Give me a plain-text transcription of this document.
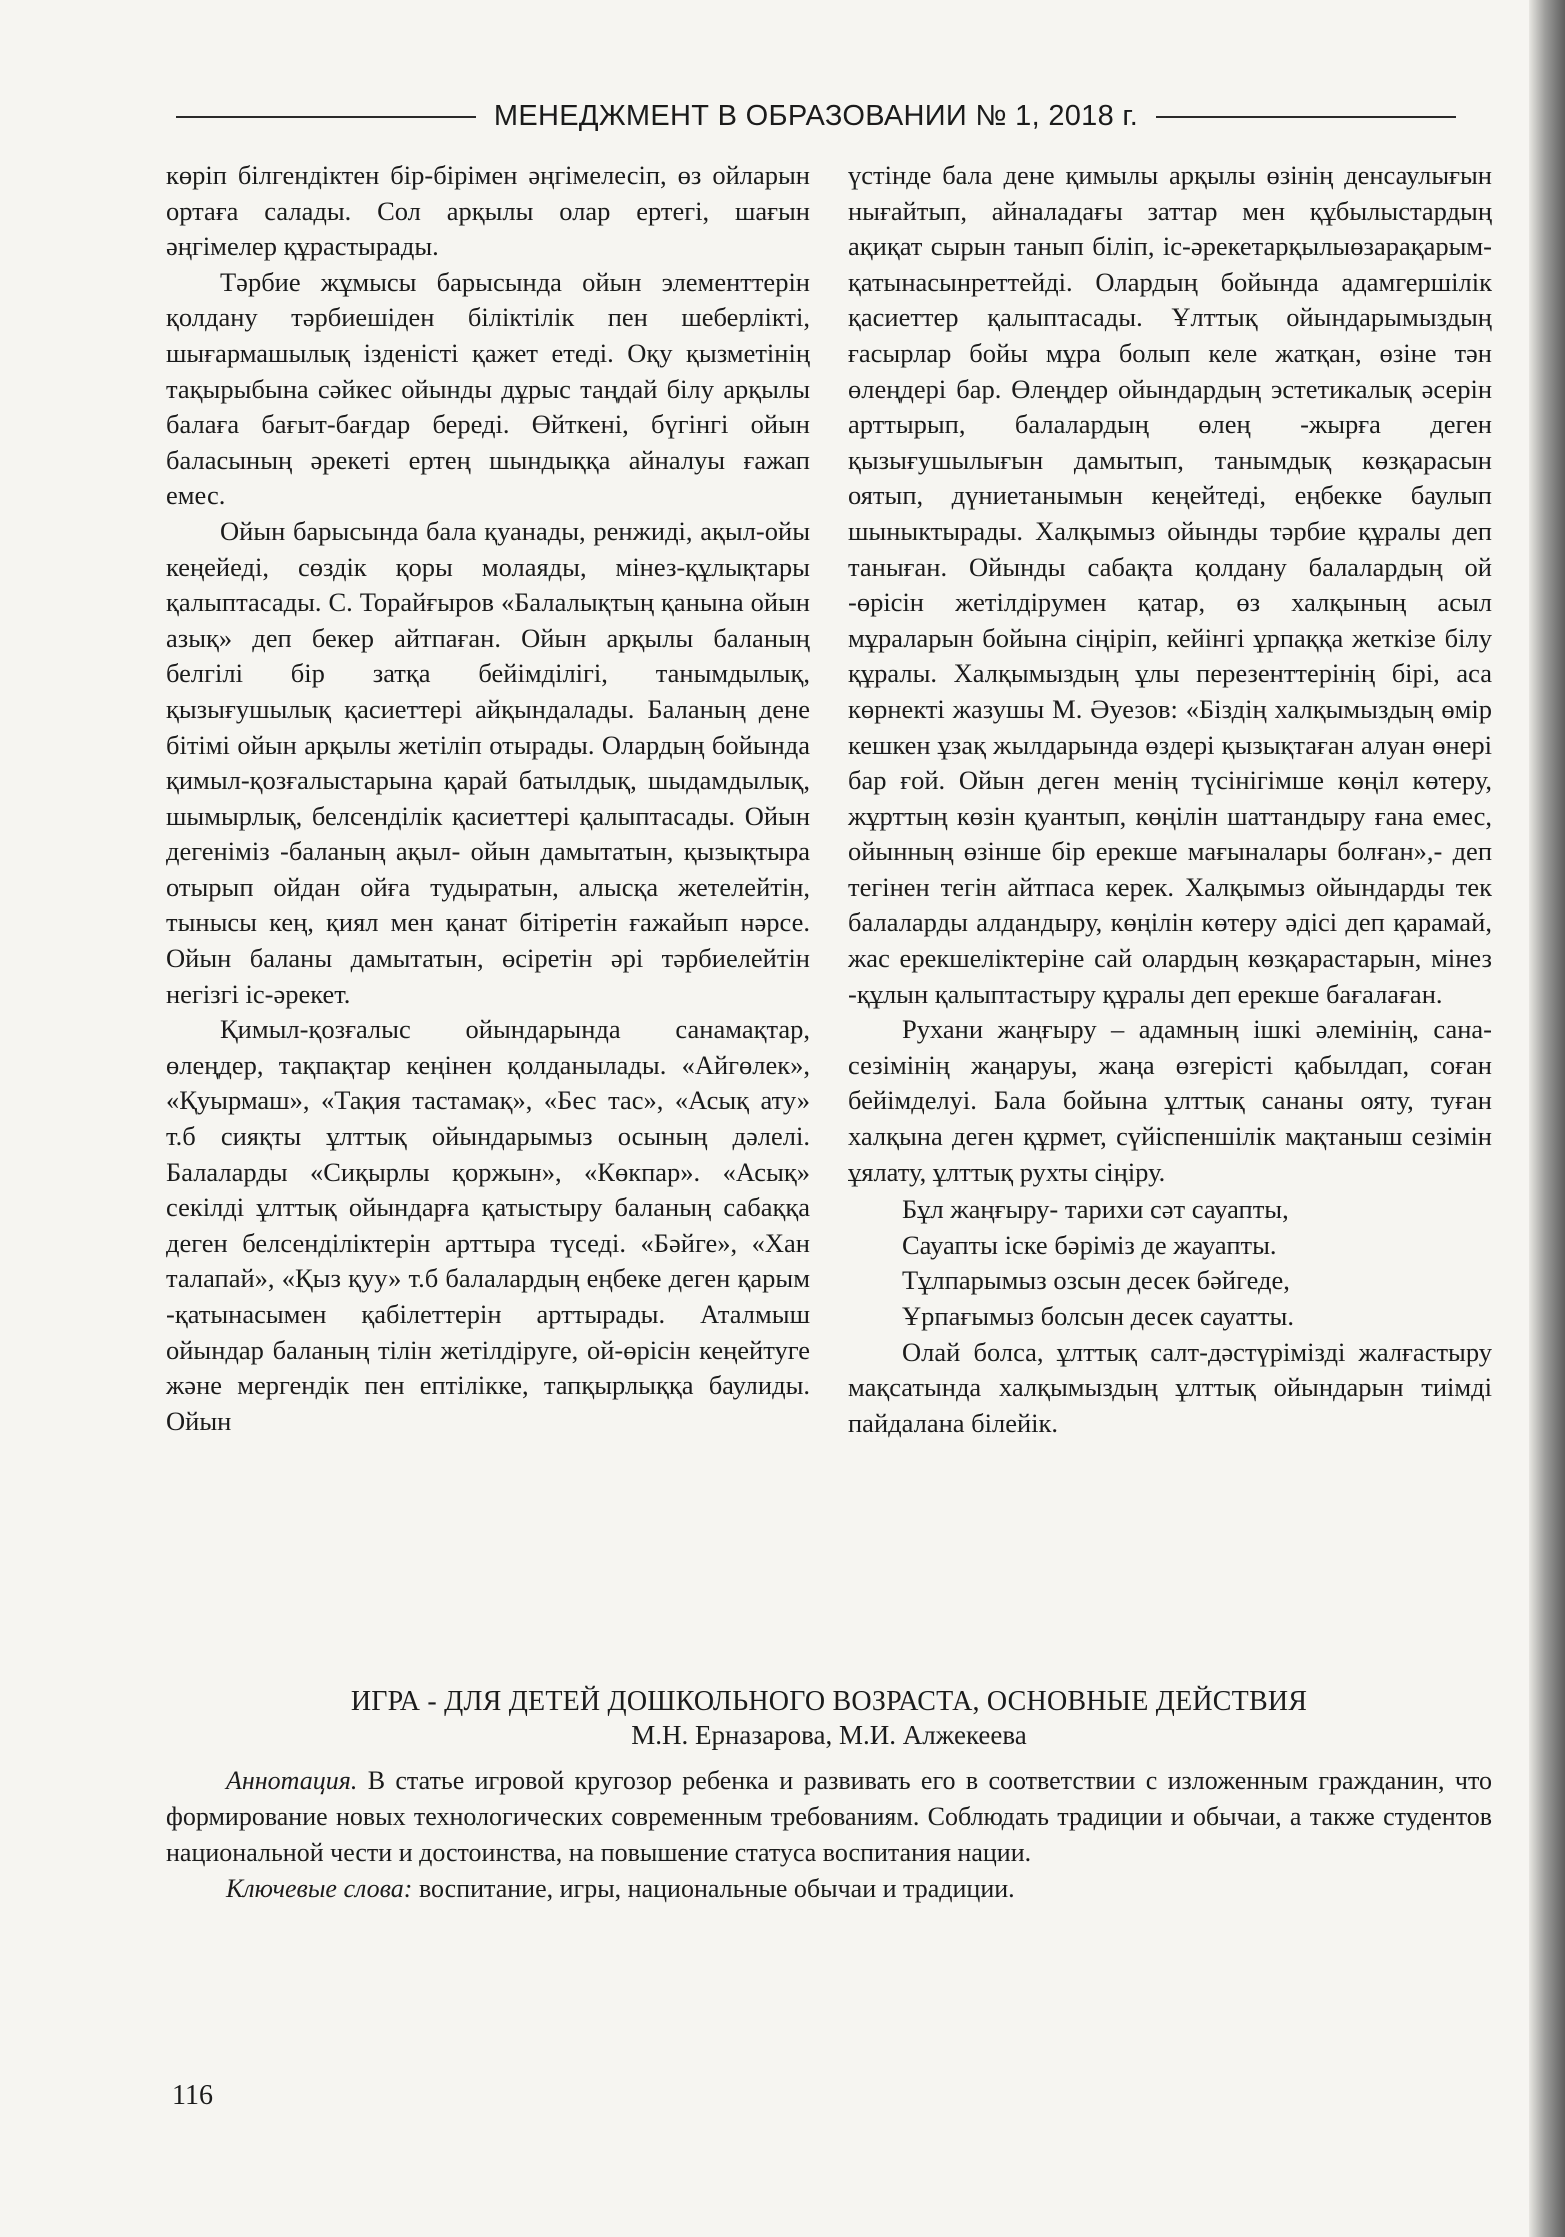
МЕНЕДЖМЕНТ В ОБРАЗОВАНИИ № 1, 2018 г.

көріп білгендіктен бір-бірімен әңгімелесіп, өз ойларын ортаға салады. Сол арқылы олар ертегі, шағын әңгімелер құрастырады.

Тәрбие жұмысы барысында ойын элементтерін қолдану тәрбиешіден біліктілік пен шеберлікті, шығармашылық ізденісті қажет етеді. Оқу қызметінің тақырыбына сәйкес ойынды дұрыс таңдай білу арқылы балаға бағыт-бағдар береді. Өйткені, бүгінгі ойын баласының әрекеті ертең шындыққа айналуы ғажап емес.

Ойын барысында бала қуанады, ренжиді, ақыл-ойы кеңейеді, сөздік қоры молаяды, мінез-құлықтары қалыптасады. С. Торайғыров «Балалықтың қанына ойын азық» деп бекер айтпаған. Ойын арқылы баланың белгілі бір затқа бейімділігі, танымдылық, қызығушылық қасиеттері айқындалады. Баланың дене бітімі ойын арқылы жетіліп отырады. Олардың бойында қимыл-қозғалыстарына қарай батылдық, шыдамдылық, шымырлық, белсенділік қасиеттері қалыптасады. Ойын дегеніміз -баланың ақыл- ойын дамытатын, қызықтыра отырып ойдан ойға тудыратын, алысқа жетелейтін, тынысы кең, қиял мен қанат бітіретін ғажайып нәрсе. Ойын баланы дамытатын, өсіретін әрі тәрбиелейтін негізгі іс-әрекет.

Қимыл-қозғалыс ойындарында санамақтар, өлеңдер, тақпақтар кеңінен қолданылады. «Айгөлек», «Қуырмаш», «Тақия тастамақ», «Бес тас», «Асық ату» т.б сияқты ұлттық ойындарымыз осының дәлелі. Балаларды «Сиқырлы қоржын», «Көкпар». «Асық» секілді ұлттық ойындарға қатыстыру баланың сабаққа деген белсенділіктерін арттыра түседі. «Бәйге», «Хан талапай», «Қыз қуу» т.б балалардың еңбеке деген қарым -қатынасымен қабілеттерін арттырады. Аталмыш ойындар баланың тілін жетілдіруге, ой-өрісін кеңейтуге және мергендік пен ептілікке, тапқырлыққа баулиды. Ойын

үстінде бала дене қимылы арқылы өзінің денсаулығын нығайтып, айналадағы заттар мен құбылыстардың ақиқат сырын танып біліп, іс-әрекетарқылыөзарақарым-қатынасынреттейді. Олардың бойында адамгершілік қасиеттер қалыптасады. Ұлттық ойындарымыздың ғасырлар бойы мұра болып келе жатқан, өзіне тән өлеңдері бар. Өлеңдер ойындардың эстетикалық әсерін арттырып, балалардың өлең -жырға деген қызығушылығын дамытып, танымдық көзқарасын оятып, дүниетанымын кеңейтеді, еңбекке баулып шыныктырады. Халқымыз ойынды тәрбие құралы деп таныған. Ойынды сабақта қолдану балалардың ой -өрісін жетілдірумен қатар, өз халқының асыл мұраларын бойына сіңіріп, кейінгі ұрпаққа жеткізе білу құралы. Халқымыздың ұлы перезенттерінің бірі, аса көрнекті жазушы М. Әуезов: «Біздің халқымыздың өмір кешкен ұзақ жылдарында өздері қызықтаған алуан өнері бар ғой. Ойын деген менің түсінігімше көңіл көтеру, жұрттың көзін қуантып, көңілін шаттандыру ғана емес, ойынның өзінше бір ерекше мағыналары болған»,- деп тегінен тегін айтпаса керек. Халқымыз ойындарды тек балаларды алдандыру, көңілін көтеру әдісі деп қарамай, жас ерекшеліктеріне сай олардың көзқарастарын, мінез -құлын қалыптастыру құралы деп ерекше бағалаған.

Рухани жаңғыру – адамның ішкі әлемінің, сана- сезімінің жаңаруы, жаңа өзгерісті қабылдап, соған бейімделуі. Бала бойына ұлттық сананы ояту, туған халқына деген құрмет, сүйіспеншілік мақтаныш сезімін ұялату, ұлттық рухты сіңіру.

Бұл жаңғыру- тарихи сәт сауапты,
Сауапты іске бәріміз де жауапты.
Тұлпарымыз озсын десек бәйгеде,
Ұрпағымыз болсын десек сауатты.

Олай болса, ұлттық салт-дәстүрімізді жалғастыру мақсатында халқымыздың ұлттық ойындарын тиімді пайдалана білейік.

ИГРА - ДЛЯ ДЕТЕЙ ДОШКОЛЬНОГО ВОЗРАСТА, ОСНОВНЫЕ ДЕЙСТВИЯ
М.Н. Ерназарова, М.И. Алжекеева

Аннотация. В статье игровой кругозор ребенка и развивать его в соответствии с изложенным гражданин, что формирование новых технологических современным требованиям. Соблюдать традиции и обычаи, а также студентов национальной чести и достоинства, на повышение статуса воспитания нации.

Ключевые слова: воспитание, игры, национальные обычаи и традиции.

116
